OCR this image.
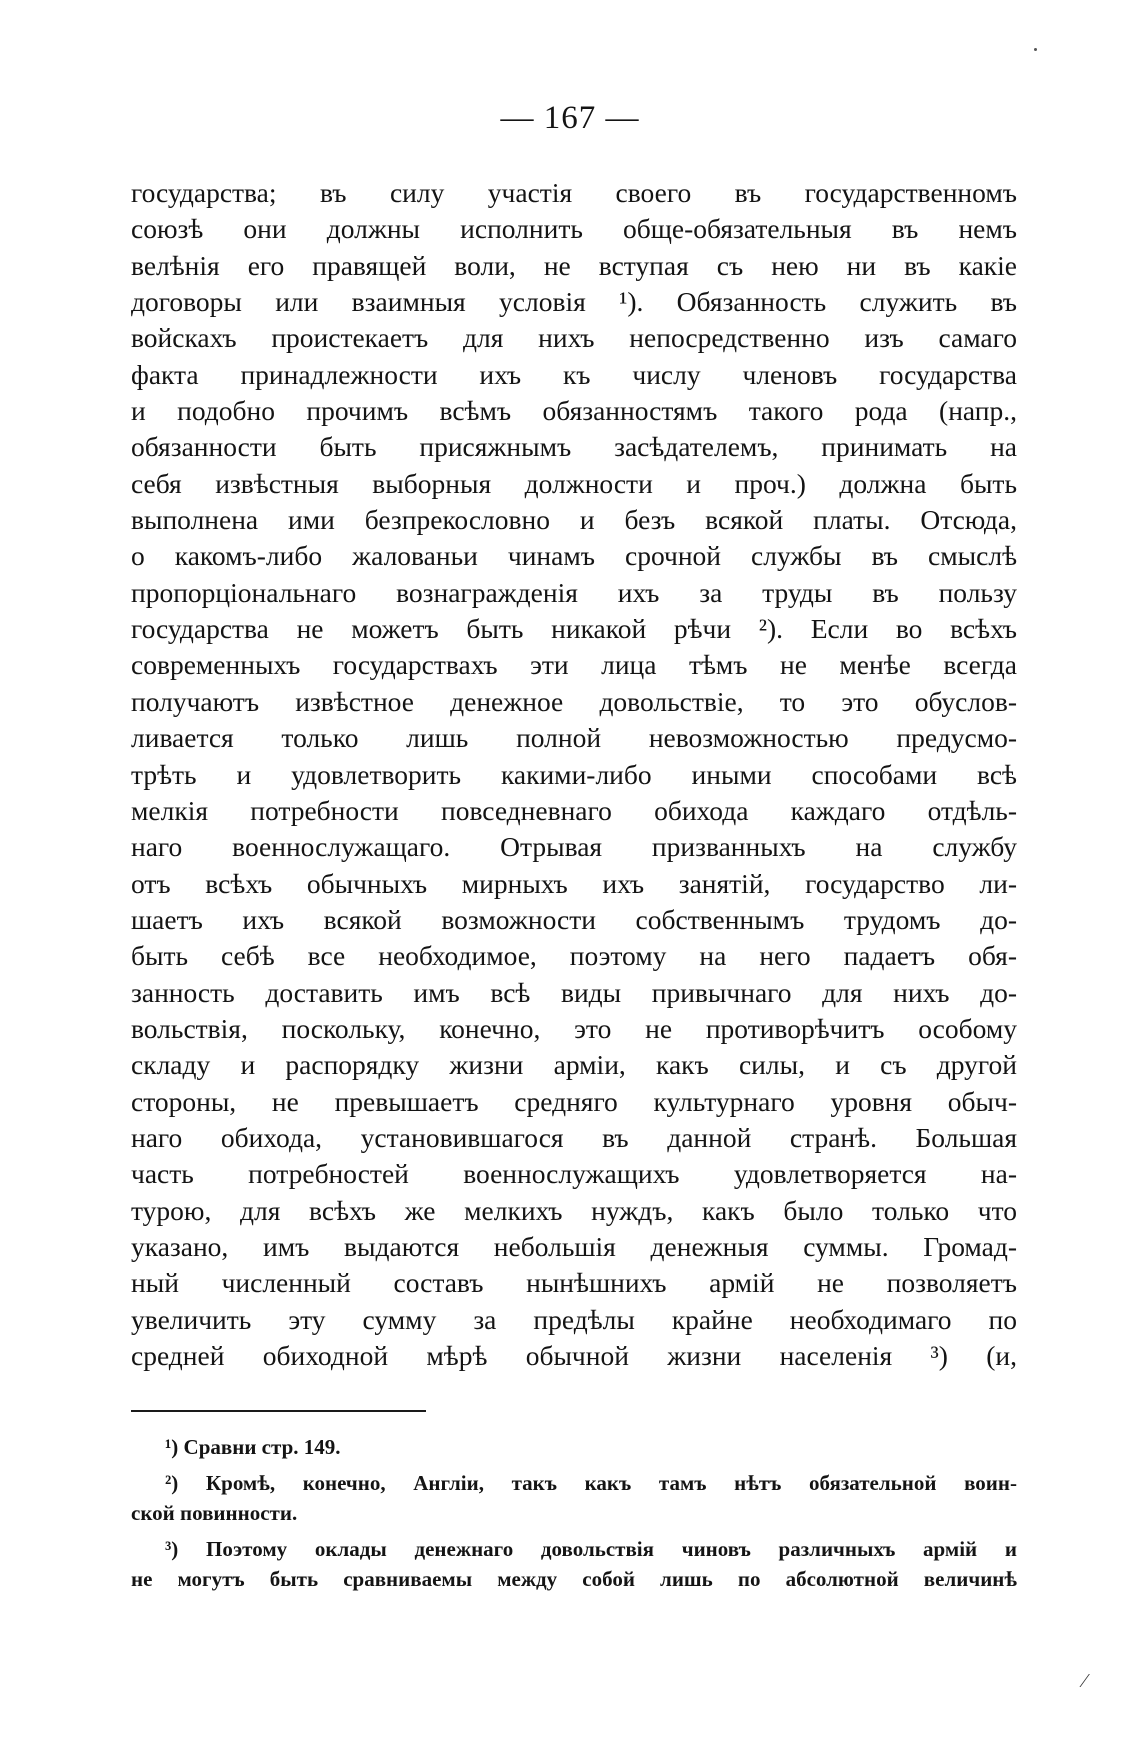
— 167 —
государства; въ силу участія своего въ государственномъ
союзѣ они должны исполнить обще-обязательныя въ немъ
велѣнія его правящей воли, не вступая съ нею ни въ какіе
договоры или взаимныя условія ¹). Обязанность служить въ
войскахъ проистекаетъ для нихъ непосредственно изъ самаго
факта принадлежности ихъ къ числу членовъ государства
и подобно прочимъ всѣмъ обязанностямъ такого рода (напр.,
обязанности быть присяжнымъ засѣдателемъ, принимать на
себя извѣстныя выборныя должности и проч.) должна быть
выполнена ими безпрекословно и безъ всякой платы. Отсюда,
о какомъ-либо жалованьи чинамъ срочной службы въ смыслѣ
пропорціональнаго вознагражденія ихъ за труды въ пользу
государства не можетъ быть никакой рѣчи ²). Если во всѣхъ
современныхъ государствахъ эти лица тѣмъ не менѣе всегда
получаютъ извѣстное денежное довольствіе, то это обуслов-
ливается только лишь полной невозможностью предусмо-
трѣть и удовлетворить какими-либо иными способами всѣ
мелкія потребности повседневнаго обихода каждаго отдѣль-
наго военнослужащаго. Отрывая призванныхъ на службу
отъ всѣхъ обычныхъ мирныхъ ихъ занятій, государство ли-
шаетъ ихъ всякой возможности собственнымъ трудомъ до-
быть себѣ все необходимое, поэтому на него падаетъ обя-
занность доставить имъ всѣ виды привычнаго для нихъ до-
вольствія, поскольку, конечно, это не противорѣчитъ особому
складу и распорядку жизни арміи, какъ силы, и съ другой
стороны, не превышаетъ средняго культурнаго уровня обыч-
наго обихода, установившагося въ данной странѣ. Большая
часть потребностей военнослужащихъ удовлетворяется на-
турою, для всѣхъ же мелкихъ нуждъ, какъ было только что
указано, имъ выдаются небольшія денежныя суммы. Громад-
ный численный составъ нынѣшнихъ армій не позволяетъ
увеличить эту сумму за предѣлы крайне необходимаго по
средней обиходной мѣрѣ обычной жизни населенія ³) (и,
¹) Сравни стр. 149.
²) Кромѣ, конечно, Англіи, такъ какъ тамъ нѣтъ обязательной воин-
ской повинности.
³) Поэтому оклады денежнаго довольствія чиновъ различныхъ армій и
не могутъ быть сравниваемы между собой лишь по абсолютной величинѣ
⁄
